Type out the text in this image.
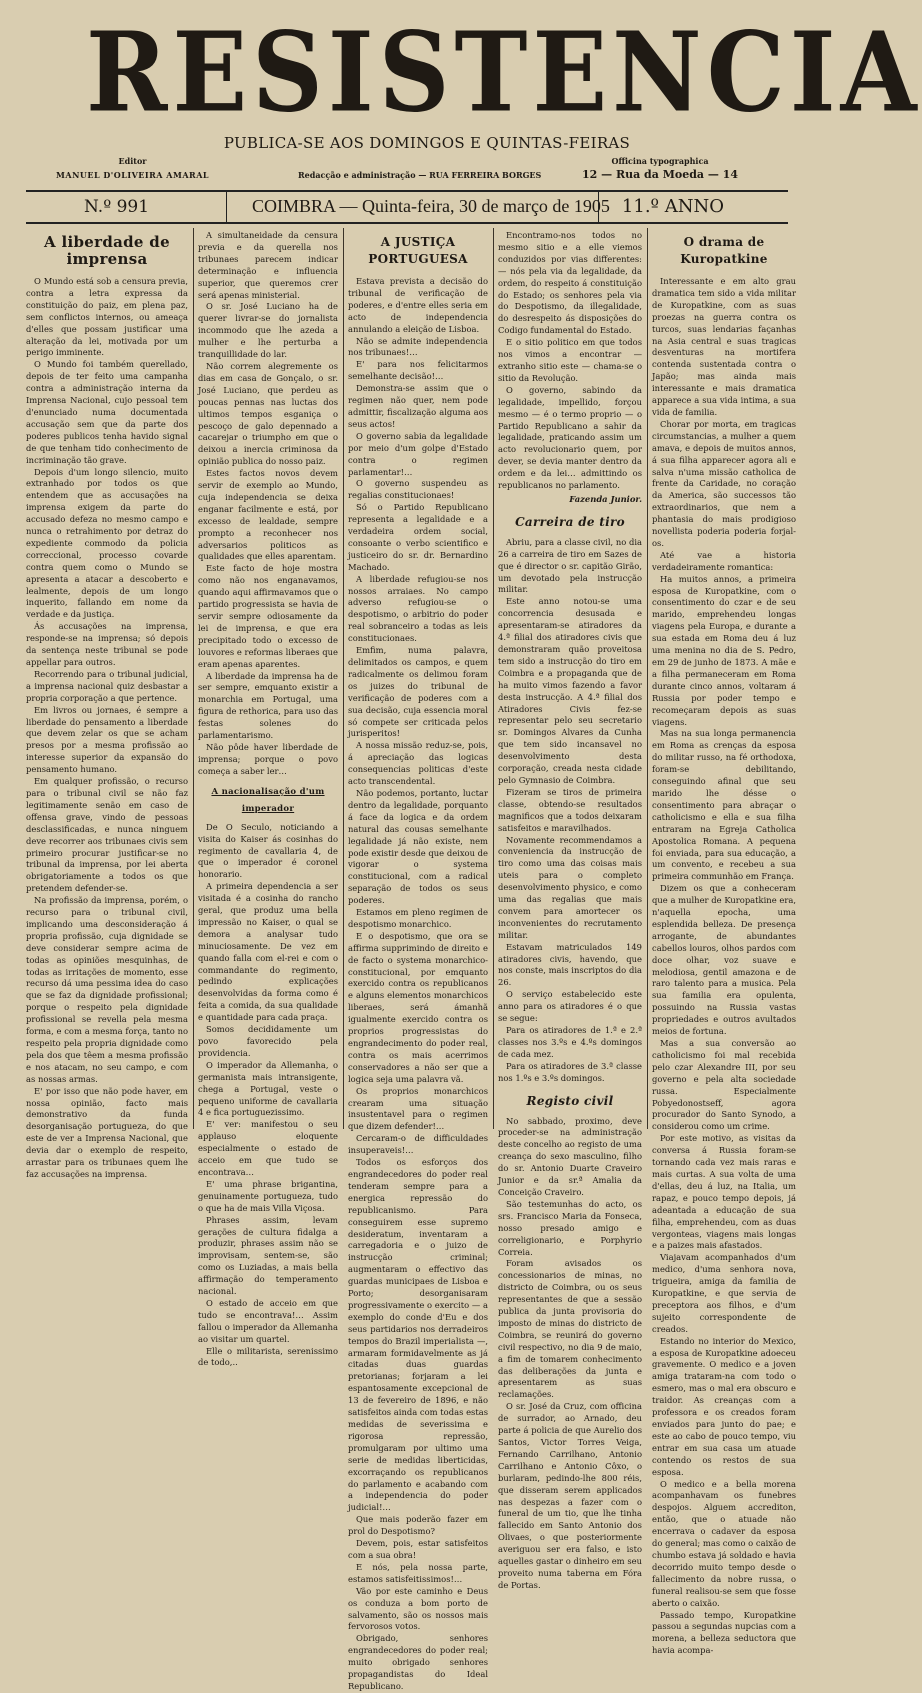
RESISTENCIA
PUBLICA-SE AOS DOMINGOS E QUINTAS-FEIRAS
Editor
MANUEL D'OLIVEIRA AMARAL	Redacção e administração — RUA FERREIRA BORGES
Officina typographica
12 — Rua da Moeda — 14
N.º 991	COIMBRA — Quinta-feira, 30 de março de 1905 11.º ANNO
A liberdade de imprensa

O Mundo está sob a censura previa, contra a letra expressa da constituição do paiz, em plena paz, sem conflictos internos, ou ameaça d'elles que possam justificar uma alteração da lei, motivada por um perigo imminente.

O Mundo foi também querellado, depois de ter feito uma campanha contra a administração interna da Imprensa Nacional, cujo pessoal tem d'enunciado numa documentada accusação sem que da parte dos poderes publicos tenha havido signal de que tenham tido conhecimento de incriminação tão grave.

Depois d'um longo silencio, muito extranhado por todos os que entendem que as accusações na imprensa exigem da parte do accusado defeza no mesmo campo e nunca o retrahimento por detraz do expediente commodo da policia correccional, processo covarde contra quem como o Mundo se apresenta a atacar a descoberto e lealmente, depois de um longo inquerito, fallando em nome da verdade e da justiça.

Ás accusações na imprensa, responde-se na imprensa; só depois da sentença neste tribunal se pode appellar para outros.

Recorrendo para o tribunal judicial, a imprensa nacional quiz desbastar a propria corporação a que pertence.

Em livros ou jornaes, é sempre a liberdade do pensamento a liberdade que devem zelar os que se acham presos por a mesma profissão ao interesse superior da expansão do pensamento humano.

Em qualquer profissão, o recurso para o tribunal civil se não faz legitimamente senão em caso de offensa grave, vindo de pessoas desclassificadas, e nunca ninguem deve recorrer aos tribunaes civis sem primeiro procurar justificar-se no tribunal da imprensa, por lei aberta obrigatoriamente a todos os que pretendem defender-se.

Na profissão da imprensa, porém, o recurso para o tribunal civil, implicando uma desconsideração á propria profissão, cuja dignidade se deve considerar sempre acima de todas as opiniões mesquinhas, de todas as irritações de momento, esse recurso dá uma pessima idea do caso que se faz da dignidade profissional; porque o respeito pela dignidade profissional se revella pela mesma forma, e com a mesma força, tanto no respeito pela propria dignidade como pela dos que têem a mesma profissão e nos atacam, no seu campo, e com as nossas armas.

E' por isso que não pode haver, em nossa opinião, facto mais demonstrativo da funda desorganisação portugueza, do que este de ver a Imprensa Nacional, que devia dar o exemplo de respeito, arrastar para os tribunaes quem lhe faz accusações na imprensa.

A simultaneidade da censura previa e da querella nos tribunaes parecem indicar determinação e influencia superior, que queremos crer será apenas ministerial.

O sr. José Luciano ha de querer livrar-se do jornalista incommodo que lhe azeda a mulher e lhe perturba a tranquillidade do lar.

Não correm alegremente os dias em casa de Gonçalo, o sr. José Luciano, que perdeu as poucas pennas nas luctas dos ultimos tempos esganiça o pescoço de galo depennado a cacarejar o triumpho em que o deixou a inercia criminosa da opinião publica do nosso paiz.

Estes factos novos devem servir de exemplo ao Mundo, cuja independencia se deixa enganar facilmente e está, por excesso de lealdade, sempre prompto a reconhecer nos adversarios politicos as qualidades que elles aparentam.

Este facto de hoje mostra como não nos enganavamos, quando aqui affirmavamos que o partido progressista se havia de servir sempre odiosamente da lei de imprensa, e que era precipitado todo o excesso de louvores e reformas liberaes que eram apenas aparentes.

A liberdade da imprensa ha de ser sempre, emquanto existir a monarchia em Portugal, uma figura de rethorica, para uso das festas solenes do parlamentarismo.

Não pôde haver liberdade de imprensa; porque o povo começa a saber ler…

A nacionalisação d'um imperador

De O Seculo, noticiando a visita do Kaiser ás cosinhas do regimento de cavallaria 4, de que o imperador é coronel honorario.

A primeira dependencia a ser visitada é a cosinha do rancho geral, que produz uma bella impressão no Kaiser, o qual se demora a analysar tudo minuciosamente. De vez em quando falla com el-rei e com o commandante do regimento, pedindo explicações desenvolvidas da forma como é feita a comida, da sua qualidade e quantidade para cada praça.

Somos decididamente um povo favorecido pela providencia.

O imperador da Allemanha, o germanista mais intransigente, chega a Portugal, veste o pequeno uniforme de cavallaria 4 e fica portuguezissimo.

E' ver: manifestou o seu applauso eloquente especialmente o estado de acceio em que tudo se encontrava…

E' uma phrase brigantina, genuinamente portugueza, tudo o que ha de mais Villa Viçosa.

Phrases assim, levam gerações de cultura fidalga a produzir, phrases assim não se improvisam, sentem-se, são como os Luziadas, a mais bella affirmação do temperamento nacional.

O estado de acceio em que tudo se encontrava!… Assim fallou o imperador da Allemanha ao visitar um quartel.

Elle o militarista, serenissimo de todo,..

A JUSTIÇA PORTUGUESA

Estava prevista a decisão do tribunal de verificação de poderes, e d'entre elles seria em acto de independencia annulando a eleição de Lisboa.

Não se admite independencia nos tribunaes!…

E' para nos felicitarmos semelhante decisão!…

Demonstra-se assim que o regimen não quer, nem pode admittir, fiscalização alguma aos seus actos!

O governo sabia da legalidade por meio d'um golpe d'Estado contra o regimen parlamentar!…

O governo suspendeu as regalias constitucionaes!

Só o Partido Republicano representa a legalidade e a verdadeira ordem social, consoante o verbo scientifico e justiceiro do sr. dr. Bernardino Machado.

A liberdade refugiou-se nos nossos arraiaes. No campo adverso refugiou-se o despotismo, o arbitrio do poder real sobranceiro a todas as leis constitucionaes.

Emfim, numa palavra, delimitados os campos, e quem radicalmente os delimou foram os juizes do tribunal de verificação de poderes com a sua decisão, cuja essencia moral só compete ser criticada pelos jurisperitos!

A nossa missão reduz-se, pois, á apreciação das logicas consequencias politicas d'este acto transcendental.

Não podemos, portanto, luctar dentro da legalidade, porquanto á face da logica e da ordem natural das cousas semelhante legalidade já não existe, nem pode existir desde que deixou de vigorar o systema constitucional, com a radical separação de todos os seus poderes.

Estamos em pleno regimen de despotismo monarchico.

E o despotismo, que ora se affirma supprimindo de direito e de facto o systema monarchico-constitucional, por emquanto exercido contra os republicanos e alguns elementos monarchicos liberaes, será ámanhã igualmente exercido contra os proprios progressistas do engrandecimento do poder real, contra os mais acerrimos conservadores a não ser que a logica seja uma palavra vã.

Os proprios monarchicos crearam uma situação insustentavel para o regimen que dizem defender!…

Cercaram-o de difficuldades insuperaveis!…

Todos os esforços dos engrandecedores do poder real tenderam sempre para a energica repressão do republicanismo. Para conseguirem esse supremo desideratum, inventaram a carregadoria e o juizo de instrucção criminal; augmentaram o effectivo das guardas municipaes de Lisboa e Porto; desorganisaram progressivamente o exercito — a exemplo do conde d'Eu e dos seus partidarios nos derradeiros tempos do Brazil imperialista —, armaram formidavelmente as já citadas duas guardas pretorianas; forjaram a lei espantosamente excepcional de 13 de fevereiro de 1896, e não satisfeitos ainda com todas estas medidas de severissima e rigorosa repressão, promulgaram por ultimo uma serie de medidas liberticidas, excorraçando os republicanos do parlamento e acabando com a independencia do poder judicial!…

Que mais poderão fazer em prol do Despotismo?

Devem, pois, estar satisfeitos com a sua obra!

E nós, pela nossa parte, estamos satisfeitissimos!…

Vão por este caminho e Deus os conduza a bom porto de salvamento, são os nossos mais fervorosos votos.

Obrigado, senhores engrandecedores do poder real; muito obrigado senhores propagandistas do Ideal Republicano.

Encontramo-nos todos no mesmo sitio e a elle viemos conduzidos por vias differentes: — nós pela via da legalidade, da ordem, do respeito á constituição do Estado; os senhores pela via do Despotismo, da illegalidade, do desrespeito ás disposições do Codigo fundamental do Estado.

E o sitio politico em que todos nos vimos a encontrar — extranho sitio este — chama-se o sitio da Revolução.

O governo, sabindo da legalidade, impellido, forçou mesmo — é o termo proprio — o Partido Republicano a sahir da legalidade, praticando assim um acto revolucionario quem, por dever, se devia manter dentro da ordem e da lei… admittindo os republicanos no parlamento.

Fazenda Junior.
Carreira de tiro

Abriu, para a classe civil, no dia 26 a carreira de tiro em Sazes de que é director o sr. capitão Girão, um devotado pela instrucção militar.

Este anno notou-se uma concorrencia desusada e apresentaram-se atiradores da 4.ª filial dos atiradores civis que demonstraram quão proveitosa tem sido a instrucção do tiro em Coimbra e a propaganda que de ha muito vimos fazendo a favor desta instrucção. A 4.ª filial dos Atiradores Civis fez-se representar pelo seu secretario sr. Domingos Alvares da Cunha que tem sido incansavel no desenvolvimento desta corporação, creada nesta cidade pelo Gymnasio de Coimbra.

Fizeram se tiros de primeira classe, obtendo-se resultados magnificos que a todos deixaram satisfeitos e maravilhados.

Novamente recommendamos a conveniencia da instrucção de tiro como uma das coisas mais uteis para o completo desenvolvimento physico, e como uma das regalias que mais convem para amortecer os inconvenientes do recrutamento militar.

Estavam matriculados 149 atiradores civis, havendo, que nos conste, mais inscriptos do dia 26.

O serviço estabelecido este anno para os atiradores é o que se segue:

Para os atiradores de 1.ª e 2.ª classes nos 3.ºs e 4.ºs domingos de cada mez.

Para os atiradores de 3.ª classe nos 1.ºs e 3.ºs domingos.

Registo civil

No sabbado, proximo, deve proceder-se na administração deste concelho ao registo de uma creança do sexo masculino, filho do sr. Antonio Duarte Craveiro Junior e da sr.ª Amalia da Conceição Craveiro.

São testemunhas do acto, os srs. Francisco Maria da Fonseca, nosso presado amigo e correligionario, e Porphyrio Correia.

Foram avisados os concessionarios de minas, no districto de Coimbra, ou os seus representantes de que a sessão publica da junta provisoria do imposto de minas do districto de Coimbra, se reunirá do governo civil respectivo, no dia 9 de maio, a fim de tomarem conhecimento das deliberações da junta e apresentarem as suas reclamações.

O sr. José da Cruz, com officina de surrador, ao Arnado, deu parte á policia de que Aurelio dos Santos, Victor Torres Veiga, Fernando Carrilhano, Antonio Carrilhano e Antonio Côxo, o burlaram, pedindo-lhe 800 réis, que disseram serem applicados nas despezas a fazer com o funeral de um tio, que lhe tinha fallecido em Santo Antonio dos Olivaes, o que posteriormente averiguou ser era falso, e isto aquelles gastar o dinheiro em seu proveito numa taberna em Fóra de Portas.

O drama de Kuropatkine

Interessante e em alto grau dramatica tem sido a vida militar de Kuropatkine, com as suas proezas na guerra contra os turcos, suas lendarias façanhas na Asia central e suas tragicas desventuras na mortifera contenda sustentada contra o Japão; mas ainda mais interessante e mais dramatica apparece a sua vida intima, a sua vida de familia.

Chorar por morta, em tragicas circumstancias, a mulher a quem amava, e depois de muitos annos, á sua filha apparecer agora ali e salva n'uma missão catholica de frente da Caridade, no coração da America, são successos tão extraordinarios, que nem a phantasia do mais prodigioso novellista poderia poderia forjal-os.

Até vae a historia verdadeiramente romantica:

Ha muitos annos, a primeira esposa de Kuropatkine, com o consentimento do czar e de seu marido, emprehendeu longas viagens pela Europa, e durante a sua estada em Roma deu á luz uma menina no dia de S. Pedro, em 29 de junho de 1873. A mãe e a filha permaneceram em Roma durante cinco annos, voltaram á Russia por poder tempo e recomeçaram depois as suas viagens.

Mas na sua longa permanencia em Roma as crenças da esposa do militar russo, na fé orthodoxa, foram-se debilitando, conseguindo afinal que seu marido lhe désse o consentimento para abraçar o catholicismo e ella e sua filha entraram na Egreja Catholica Apostolica Romana. A pequena foi enviada, para sua educação, a um convento, e recebeu a sua primeira communhão em França.

Dizem os que a conheceram que a mulher de Kuropatkine era, n'aquella epocha, uma esplendida belleza. De presença arrogante, de abundantes cabellos louros, olhos pardos com doce olhar, voz suave e melodiosa, gentil amazona e de raro talento para a musica. Pela sua familia era opulenta, possuindo na Russia vastas propriedades e outros avultados meios de fortuna.

Mas a sua conversão ao catholicismo foi mal recebida pelo czar Alexandre III, por seu governo e pela alta sociedade russa. Especialmente Pobyedonostseff, agora procurador do Santo Synodo, a considerou como um crime.

Por este motivo, as visitas da conversa á Russia foram-se tornando cada vez mais raras e mais curtas. A sua volta de uma d'ellas, deu á luz, na Italia, um rapaz, e pouco tempo depois, já adeantada a educação de sua filha, emprehendeu, com as duas vergonteas, viagens mais longas e a paizes mais afastados.

Viajavam acompanhados d'um medico, d'uma senhora nova, trigueira, amiga da familia de Kuropatkine, e que servia de preceptora aos filhos, e d'um sujeito correspondente de creados.

Estando no interior do Mexico, a esposa de Kuropatkine adoeceu gravemente. O medico e a joven amiga trataram-na com todo o esmero, mas o mal era obscuro e traidor. As creanças com a professora e os creados foram enviados para junto do pae; e este ao cabo de pouco tempo, viu entrar em sua casa um atuade contendo os restos de sua esposa.

O medico e a bella morena acompanhavam os funebres despojos. Alguem accrediton, então, que o atuade não encerrava o cadaver da esposa do general; mas como o caixão de chumbo estava já soldado e havia decorrido muito tempo desde o fallecimento da nobre russa, o funeral realisou-se sem que fosse aberto o caixão.

Passado tempo, Kuropatkine passou a segundas nupcias com a morena, a belleza seductora que havia acompa-
